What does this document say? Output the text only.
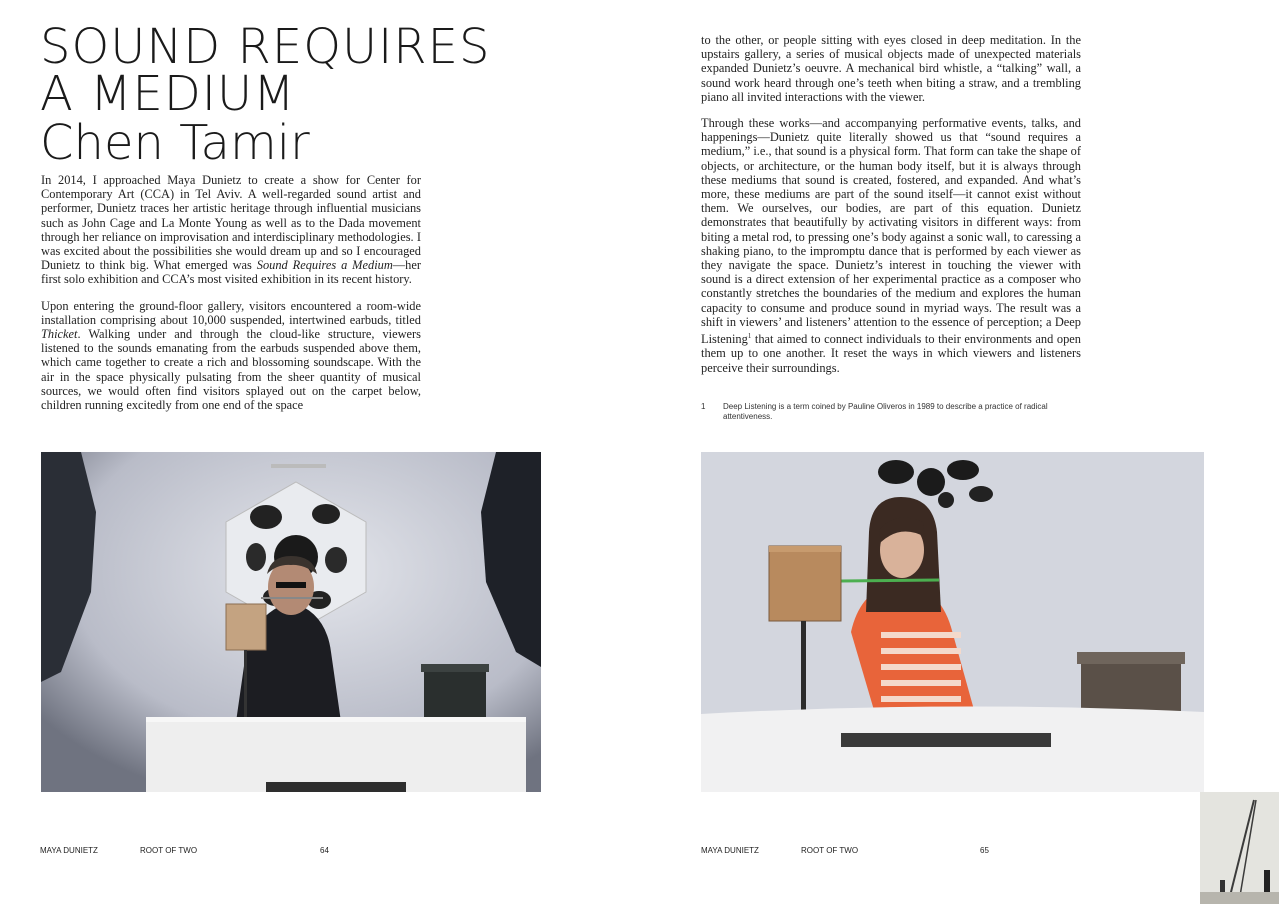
SOUND REQUIRES
A MEDIUM
Chen Tamir

In 2014, I approached Maya Dunietz to create a show for Center for Contemporary Art (CCA) in Tel Aviv. A well-regarded sound artist and performer, Dunietz traces her artistic heritage through influential musicians such as John Cage and La Monte Young as well as to the Dada movement through her reliance on improvisation and interdisciplinary methodologies. I was excited about the possibilities she would dream up and so I encouraged Dunietz to think big. What emerged was Sound Requires a Medium—her first solo exhibition and CCA’s most visited exhibition in its recent history.

Upon entering the ground-floor gallery, visitors encountered a room-wide installation comprising about 10,000 suspended, intertwined earbuds, titled Thicket. Walking under and through the cloud-like structure, viewers listened to the sounds emanating from the earbuds suspended above them, which came together to create a rich and blossoming soundscape. With the air in the space physically pulsating from the sheer quantity of musical sources, we would often find visitors splayed out on the carpet below, children running excitedly from one end of the space

to the other, or people sitting with eyes closed in deep meditation. In the upstairs gallery, a series of musical objects made of unexpected materials expanded Dunietz’s oeuvre. A mechanical bird whistle, a “talking” wall, a sound work heard through one’s teeth when biting a straw, and a trembling piano all invited interactions with the viewer.

Through these works—and accompanying performative events, talks, and happenings—Dunietz quite literally showed us that “sound requires a medium,” i.e., that sound is a physical form. That form can take the shape of objects, or architecture, or the human body itself, but it is always through these mediums that sound is created, fostered, and expanded. And what’s more, these mediums are part of the sound itself—it cannot exist without them. We ourselves, our bodies, are part of this equation. Dunietz demonstrates that beautifully by activating visitors in different ways: from biting a metal rod, to pressing one’s body against a sonic wall, to caressing a shaking piano, to the impromptu dance that is performed by each viewer as they navigate the space. Dunietz’s interest in touching the viewer with sound is a direct extension of her experimental practice as a composer who constantly stretches the boundaries of the medium and explores the human capacity to consume and produce sound in myriad ways. The result was a shift in viewers’ and listeners’ attention to the essence of perception; a Deep Listening$^1$ that aimed to connect individuals to their environments and open them up to one another. It reset the ways in which viewers and listeners perceive their surroundings.

1 Deep Listening is a term coined by Pauline Oliveros in 1989 to describe a practice of radical attentiveness.
MAYA DUNIETZ	ROOT OF TWO	64	MAYA DUNIETZ	ROOT OF TWO	65
